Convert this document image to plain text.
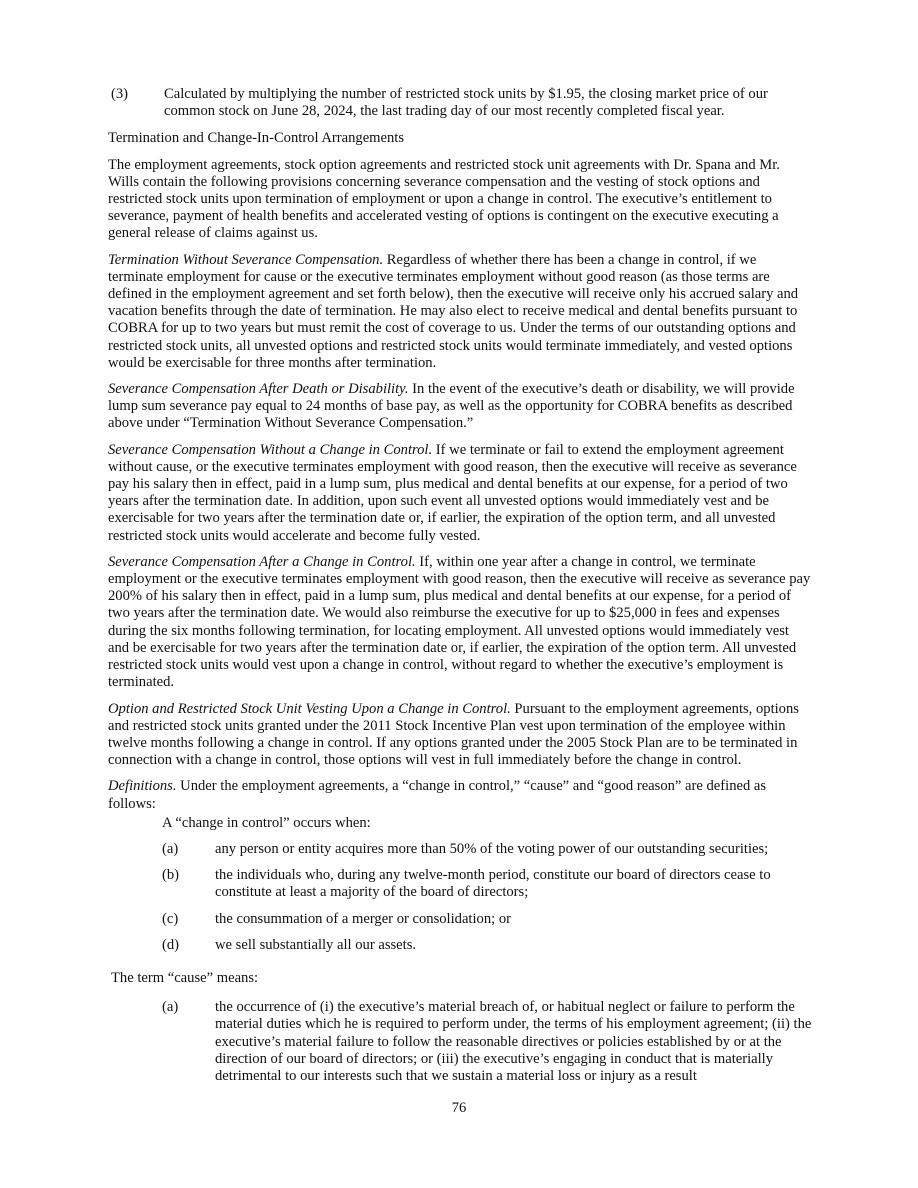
(3)	Calculated by multiplying the number of restricted stock units by $1.95, the closing market price of our common stock on June 28, 2024, the last trading day of our most recently completed fiscal year.

Termination and Change-In-Control Arrangements

The employment agreements, stock option agreements and restricted stock unit agreements with Dr. Spana and Mr. Wills contain the following provisions concerning severance compensation and the vesting of stock options and restricted stock units upon termination of employment or upon a change in control. The executive’s entitlement to severance, payment of health benefits and accelerated vesting of options is contingent on the executive executing a general release of claims against us.

Termination Without Severance Compensation. Regardless of whether there has been a change in control, if we terminate employment for cause or the executive terminates employment without good reason (as those terms are defined in the employment agreement and set forth below), then the executive will receive only his accrued salary and vacation benefits through the date of termination. He may also elect to receive medical and dental benefits pursuant to COBRA for up to two years but must remit the cost of coverage to us. Under the terms of our outstanding options and restricted stock units, all unvested options and restricted stock units would terminate immediately, and vested options would be exercisable for three months after termination.

Severance Compensation After Death or Disability. In the event of the executive’s death or disability, we will provide lump sum severance pay equal to 24 months of base pay, as well as the opportunity for COBRA benefits as described above under “Termination Without Severance Compensation.”

Severance Compensation Without a Change in Control. If we terminate or fail to extend the employment agreement without cause, or the executive terminates employment with good reason, then the executive will receive as severance pay his salary then in effect, paid in a lump sum, plus medical and dental benefits at our expense, for a period of two years after the termination date. In addition, upon such event all unvested options would immediately vest and be exercisable for two years after the termination date or, if earlier, the expiration of the option term, and all unvested restricted stock units would accelerate and become fully vested.

Severance Compensation After a Change in Control. If, within one year after a change in control, we terminate employment or the executive terminates employment with good reason, then the executive will receive as severance pay 200% of his salary then in effect, paid in a lump sum, plus medical and dental benefits at our expense, for a period of two years after the termination date. We would also reimburse the executive for up to $25,000 in fees and expenses during the six months following termination, for locating employment. All unvested options would immediately vest and be exercisable for two years after the termination date or, if earlier, the expiration of the option term. All unvested restricted stock units would vest upon a change in control, without regard to whether the executive’s employment is terminated.

Option and Restricted Stock Unit Vesting Upon a Change in Control. Pursuant to the employment agreements, options and restricted stock units granted under the 2011 Stock Incentive Plan vest upon termination of the employee within twelve months following a change in control. If any options granted under the 2005 Stock Plan are to be terminated in connection with a change in control, those options will vest in full immediately before the change in control.

Definitions. Under the employment agreements, a “change in control,” “cause” and “good reason” are defined as follows:

A “change in control” occurs when:

(a)	any person or entity acquires more than 50% of the voting power of our outstanding securities;
(b)	the individuals who, during any twelve-month period, constitute our board of directors cease to constitute at least a majority of the board of directors;
(c)	the consummation of a merger or consolidation; or
(d)	we sell substantially all our assets.

The term “cause” means:

(a)	the occurrence of (i) the executive’s material breach of, or habitual neglect or failure to perform the material duties which he is required to perform under, the terms of his employment agreement; (ii) the executive’s material failure to follow the reasonable directives or policies established by or at the direction of our board of directors; or (iii) the executive’s engaging in conduct that is materially detrimental to our interests such that we sustain a material loss or injury as a result
76
